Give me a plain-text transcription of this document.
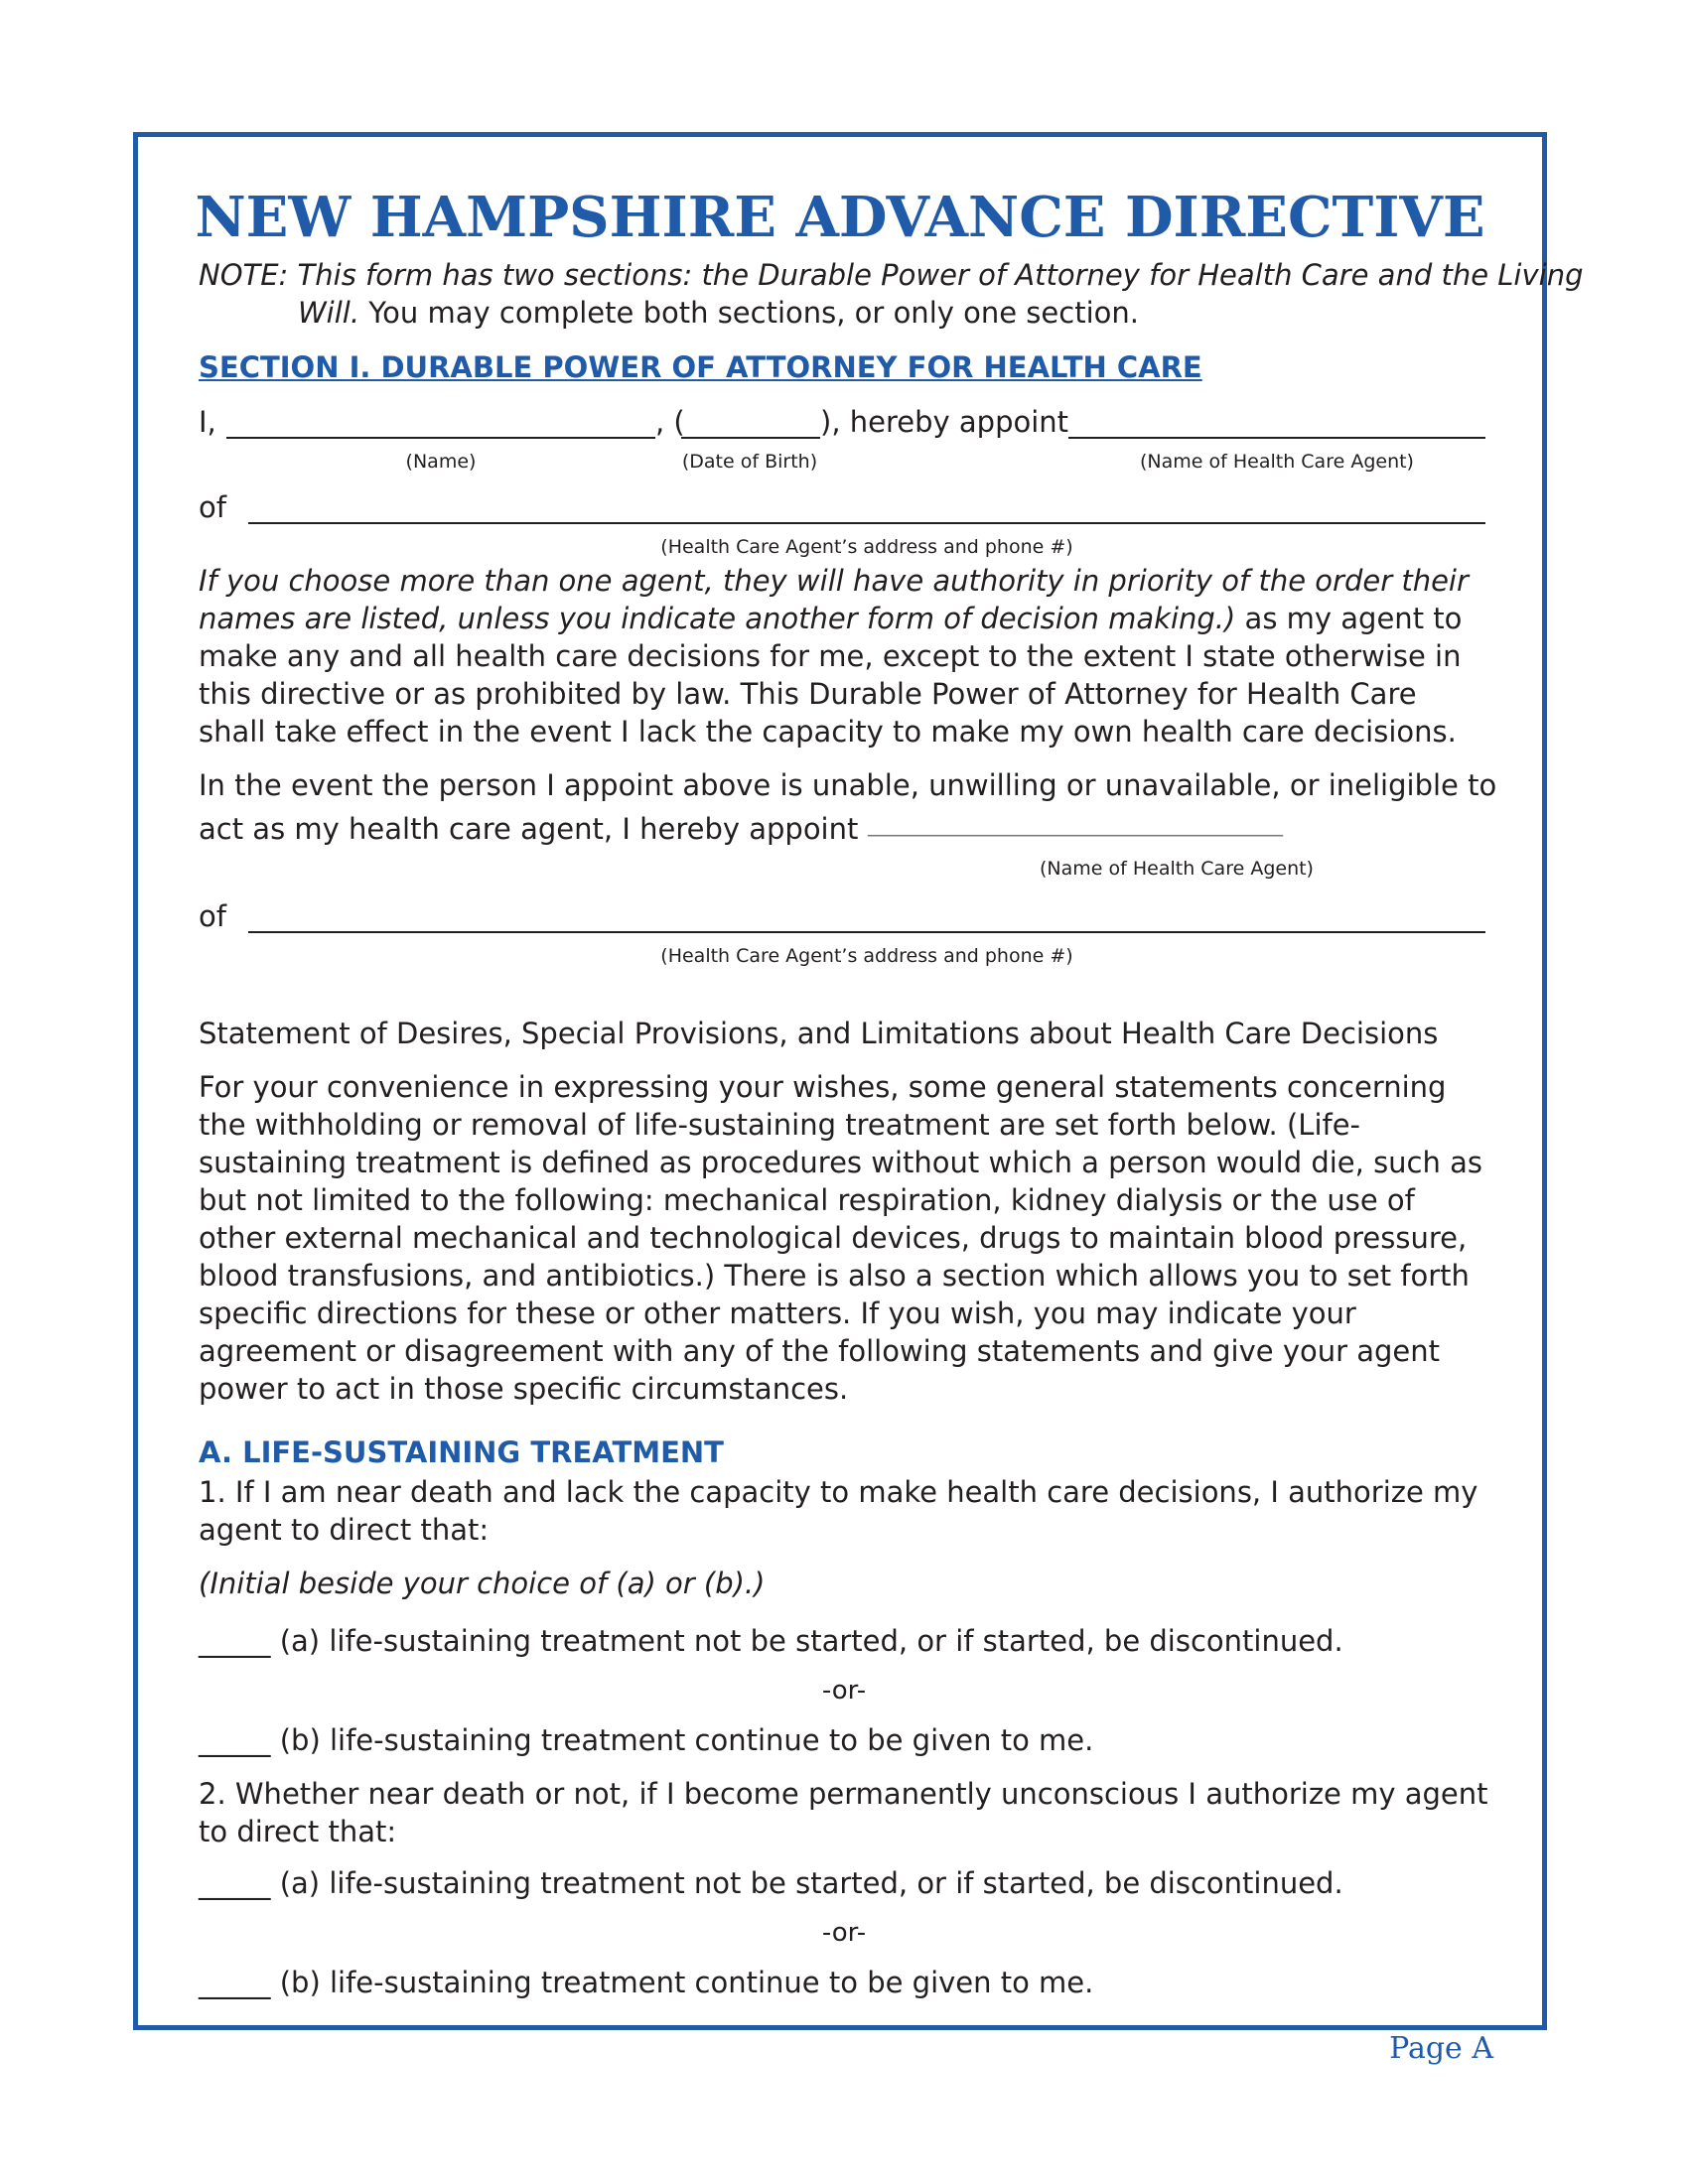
NEW HAMPSHIRE ADVANCE DIRECTIVE

NOTE: This form has two sections: the Durable Power of Attorney for Health Care and the Living Will. You may complete both sections, or only one section.

SECTION I. DURABLE POWER OF ATTORNEY FOR HEALTH CARE
I,	, (	), hereby appoint
(Name)	(Date of Birth)	(Name of Health Care Agent)
of
(Health Care Agent’s address and phone #)

If you choose more than one agent, they will have authority in priority of the order their names are listed, unless you indicate another form of decision making.) as my agent to make any and all health care decisions for me, except to the extent I state otherwise in this directive or as prohibited by law. This Durable Power of Attorney for Health Care shall take effect in the event I lack the capacity to make my own health care decisions.

In the event the person I appoint above is unable, unwilling or unavailable, or ineligible to
act as my health care agent, I hereby appoint ______________________________________
(Name of Health Care Agent)
of
(Health Care Agent’s address and phone #)
Statement of Desires, Special Provisions, and Limitations about Health Care Decisions

For your convenience in expressing your wishes, some general statements concerning the withholding or removal of life-sustaining treatment are set forth below. (Life-sustaining treatment is defined as procedures without which a person would die, such as but not limited to the following: mechanical respiration, kidney dialysis or the use of other external mechanical and technological devices, drugs to maintain blood pressure, blood transfusions, and antibiotics.) There is also a section which allows you to set forth specific directions for these or other matters. If you wish, you may indicate your agreement or disagreement with any of the following statements and give your agent power to act in those specific circumstances.

A. LIFE-SUSTAINING TREATMENT

1. If I am near death and lack the capacity to make health care decisions, I authorize my agent to direct that:

(Initial beside your choice of (a) or (b).)
_____ (a) life-sustaining treatment not be started, or if started, be discontinued.
-or-
_____ (b) life-sustaining treatment continue to be given to me.

2. Whether near death or not, if I become permanently unconscious I authorize my agent to direct that:

_____ (a) life-sustaining treatment not be started, or if started, be discontinued.
-or-
_____ (b) life-sustaining treatment continue to be given to me.
Page A
